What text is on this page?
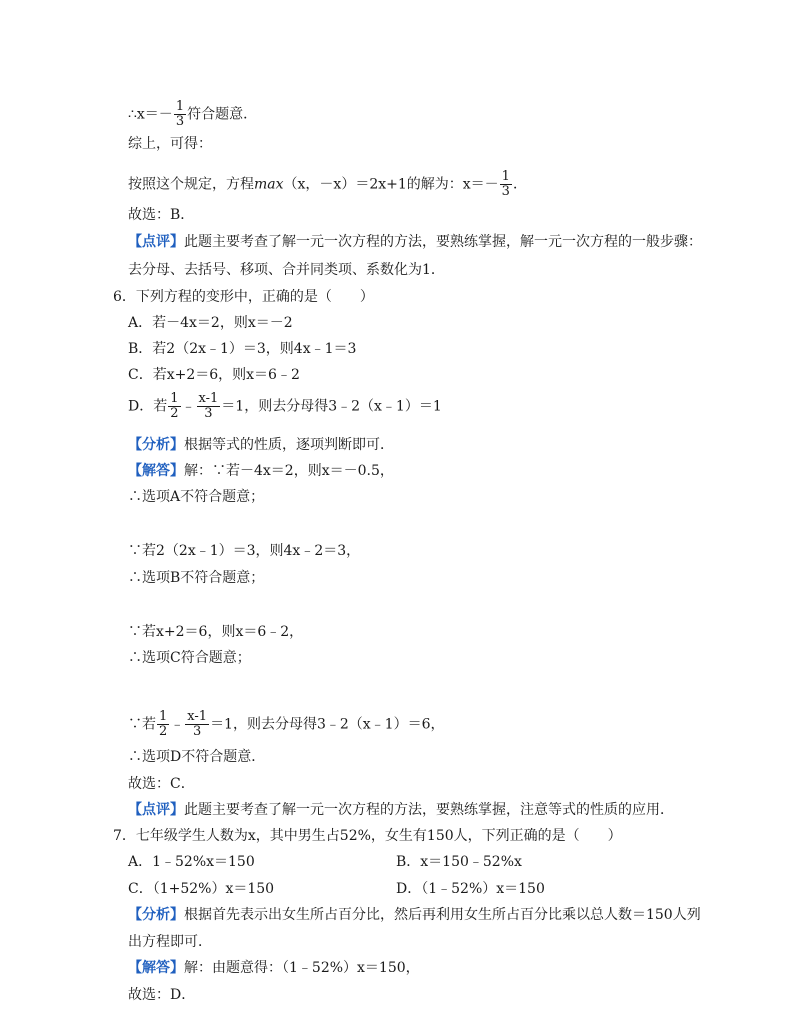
∴x＝－ $\frac{1}{3}$ 符合题意．
综上，可得：
按照这个规定，方程max（x，－x）＝2x+1的解为：$x=- \frac{1}{3}$ ．
故选：B．
【点评】此题主要考查了解一元一次方程的方法，要熟练掌握，解一元一次方程的一般步骤：
去分母、去括号、移项、合并同类项、系数化为1．
6．下列方程的变形中，正确的是（　　）
A．若－4x＝2，则x＝－2
B．若2（2x﹣1）＝3，则4x﹣1＝3
C．若x+2＝6，则x＝6﹣2
D．若 $\frac{1}{2}$ ﹣ $\frac{x-1}{3} =1$，则去分母得3﹣2（x﹣1）＝1
【分析】根据等式的性质，逐项判断即可．
【解答】解：∵若－4x＝2，则x＝－0.5，
∴选项A不符合题意；
∵若2（2x﹣1）＝3，则4x﹣2＝3，
∴选项B不符合题意；
∵若x+2＝6，则x＝6﹣2，
∴选项C符合题意；
∵若 $\frac{1}{2}$ ﹣ $\frac{x-1}{3} =1$，则去分母得3﹣2（x﹣1）＝6，
∴选项D不符合题意．
故选：C．
【点评】此题主要考查了解一元一次方程的方法，要熟练掌握，注意等式的性质的应用．
7．七年级学生人数为x，其中男生占52%，女生有150人，下列正确的是（　　）
A．1﹣52%x＝150	B．x＝150﹣52%x
C．（1+52%）x＝150	D．（1﹣52%）x＝150
【分析】根据首先表示出女生所占百分比，然后再利用女生所占百分比乘以总人数＝150人列
出方程即可．
【解答】解：由题意得：（1﹣52%）x＝150，
故选：D．
